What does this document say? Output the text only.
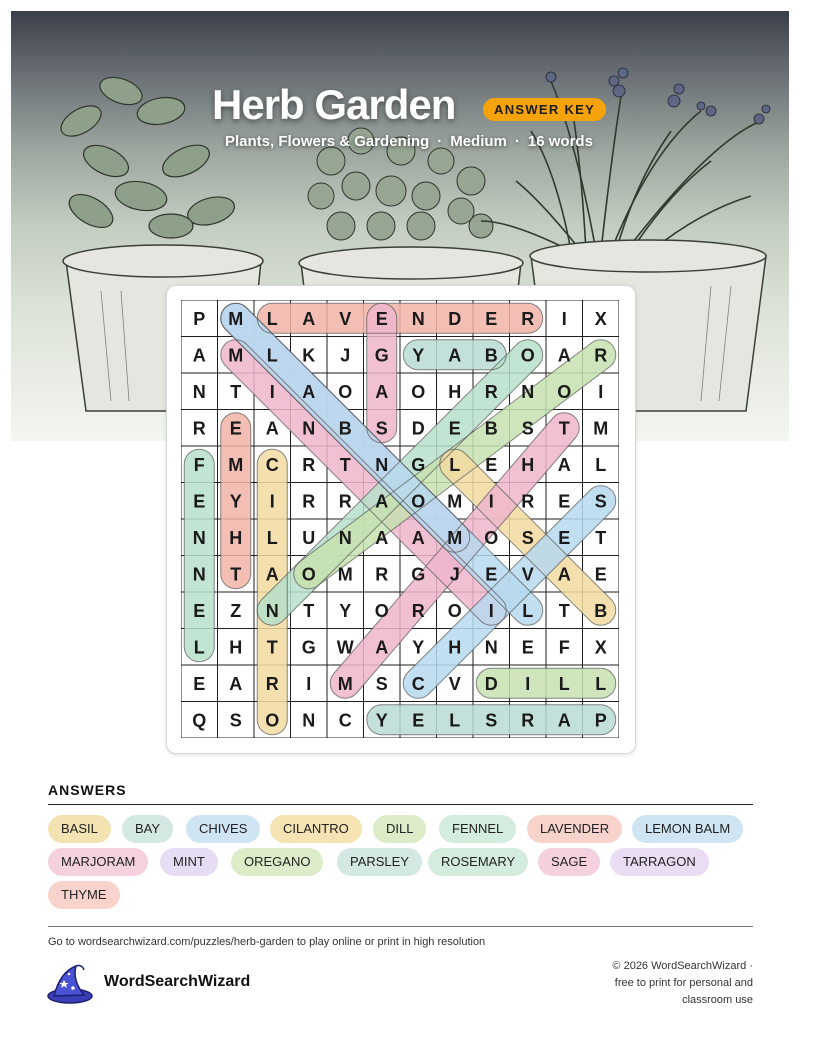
Herb Garden	ANSWER KEY
Plants, Flowers & Gardening · Medium · 16 words
P M L A V E N D E R I X
A M L K J G Y A B O A R
N T I A O A O H R N O I
R E A N B S D E B S T M
F M C R T N G L E H A L
E Y I R R A O M I R E S
N H L U N A A M O S E T
N T A O M R G J E V A E
E Z N T Y O R O I L T B
L H T G W A Y H N E F X
E A R I M S C V D I L L
Q S O N C Y E L S R A P
ANSWERS
BASIL	BAY	CHIVES	CILANTRO	DILL	FENNEL	LAVENDER	LEMON BALM
MARJORAM	MINT	OREGANO	PARSLEY	ROSEMARY	SAGE	TARRAGON
THYME
Go to wordsearchwizard.com/puzzles/herb-garden to play online or print in high resolution
WordSearchWizard
© 2026 WordSearchWizard ·
free to print for personal and
classroom use
